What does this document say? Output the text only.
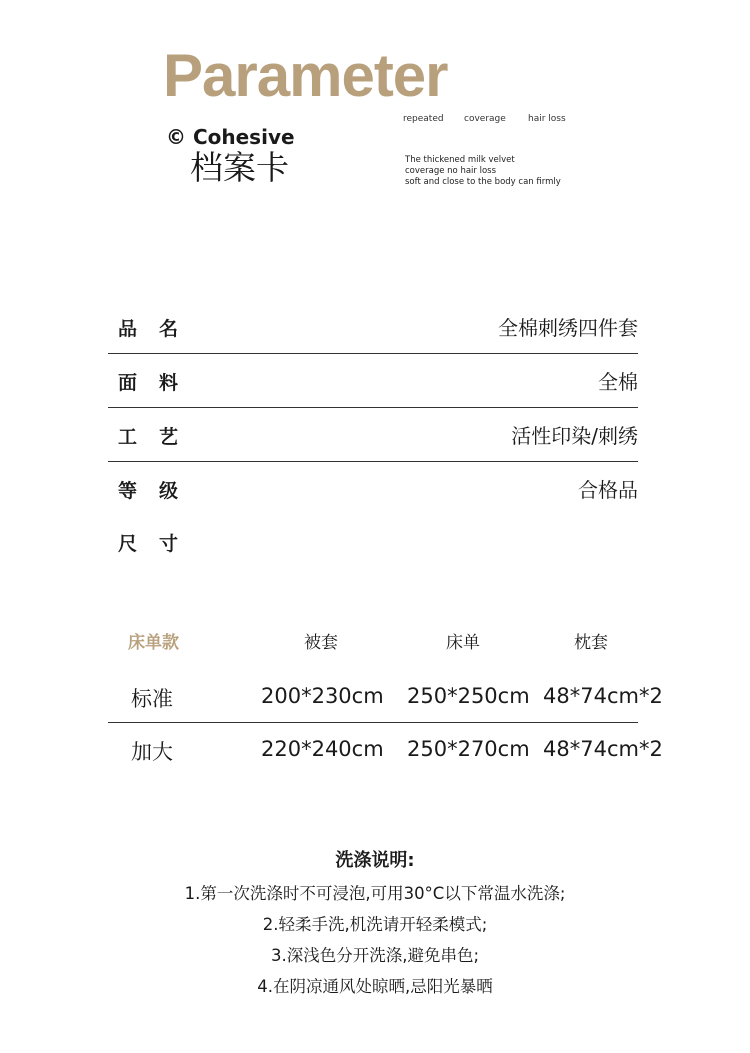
Parameter
© Cohesive
档案卡
repeated coverage hair loss
The thickened milk velvet
coverage no hair loss
soft and close to the body can firmly
品名	全棉刺绣四件套
面料	全棉
工艺	活性印染/刺绣
等级	合格品
尺寸
床单款	被套	床单	枕套
标准	200*230cm 250*250cm 48*74cm*2
加大	220*240cm 250*270cm 48*74cm*2
洗涤说明:
1.第一次洗涤时不可浸泡,可用30°C以下常温水洗涤;
2.轻柔手洗,机洗请开轻柔模式;
3.深浅色分开洗涤,避免串色;
4.在阴凉通风处晾晒,忌阳光暴晒
